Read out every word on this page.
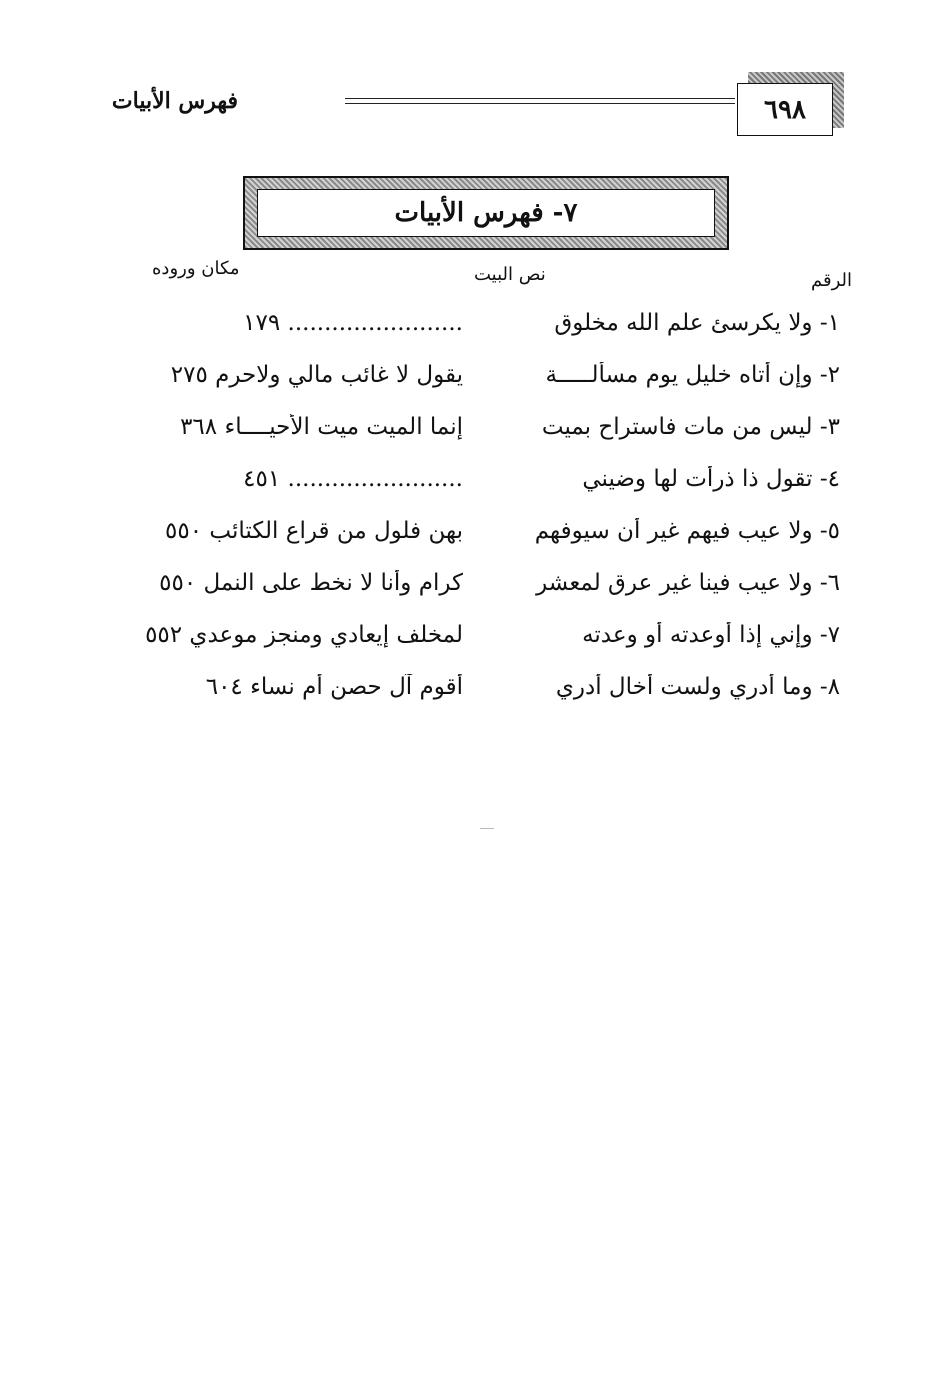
فهرس الأبيات	٦٩٨
٧- فهرس الأبيات
الرقم
نص البيت
مكان وروده
١- ولا يكرسئ علم الله مخلوق
........................ ١٧٩
٢- وإن أتاه خليل يوم مسألـــــة
يقول لا غائب مالي ولاحرم ٢٧٥
٣- ليس من مات فاستراح بميت
إنما الميت ميت الأحيــــاء ٣٦٨
٤- تقول ذا ذرأت لها وضيني
........................ ٤٥١
٥- ولا عيب فيهم غير أن سيوفهم
بهن فلول من قراع الكتائب ٥٥٠
٦- ولا عيب فينا غير عرق لمعشر
كرام وأنا لا نخط على النمل ٥٥٠
٧- وإني إذا أوعدته أو وعدته
لمخلف إيعادي ومنجز موعدي ٥٥٢
٨- وما أدري ولست أخال أدري
أقوم آل حصن أم نساء ٦٠٤
